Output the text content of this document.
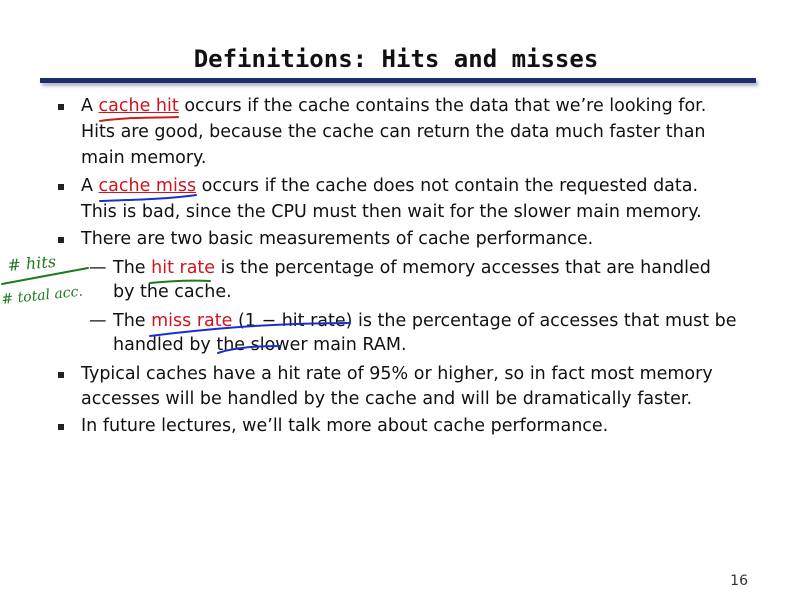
Definitions: Hits and misses
A cache hit occurs if the cache contains the data that we’re looking for.
Hits are good, because the cache can return the data much faster than
main memory.
A cache miss occurs if the cache does not contain the requested data.
This is bad, since the CPU must then wait for the slower main memory.
There are two basic measurements of cache performance.
— The hit rate is the percentage of memory accesses that are handled
by the cache.
— The miss rate (1 − hit rate) is the percentage of accesses that must be
handled by the slower main RAM.
Typical caches have a hit rate of 95% or higher, so in fact most memory
accesses will be handled by the cache and will be dramatically faster.
In future lectures, we’ll talk more about cache performance.
16
# hits
# total acc.
